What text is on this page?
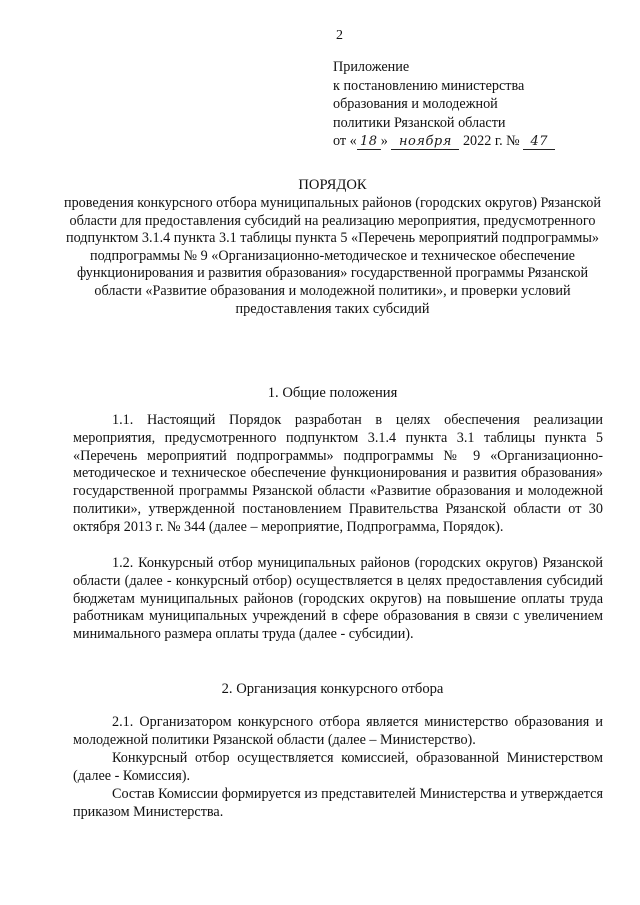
2
Приложение
к постановлению министерства
образования и молодежной
политики Рязанской области
от « 18 » ноября 2022 г. № 47
ПОРЯДОК
проведения конкурсного отбора муниципальных районов (городских округов) Рязанской области для предоставления субсидий на реализацию мероприятия, предусмотренного подпунктом 3.1.4 пункта 3.1 таблицы пункта 5 «Перечень мероприятий подпрограммы» подпрограммы № 9 «Организационно-методическое и техническое обеспечение функционирования и развития образования» государственной программы Рязанской области «Развитие образования и молодежной политики», и проверки условий предоставления таких субсидий
1. Общие положения
1.1. Настоящий Порядок разработан в целях обеспечения реализации мероприятия, предусмотренного подпунктом 3.1.4 пункта 3.1 таблицы пункта 5 «Перечень мероприятий подпрограммы» подпрограммы № 9 «Организационно-методическое и техническое обеспечение функционирования и развития образования» государственной программы Рязанской области «Развитие образования и молодежной политики», утвержденной постановлением Правительства Рязанской области от 30 октября 2013 г. № 344 (далее – мероприятие, Подпрограмма, Порядок).
1.2. Конкурсный отбор муниципальных районов (городских округов) Рязанской области (далее - конкурсный отбор) осуществляется в целях предоставления субсидий бюджетам муниципальных районов (городских округов) на повышение оплаты труда работникам муниципальных учреждений в сфере образования в связи с увеличением минимального размера оплаты труда (далее - субсидии).
2. Организация конкурсного отбора
2.1. Организатором конкурсного отбора является министерство образования и молодежной политики Рязанской области (далее – Министерство).
Конкурсный отбор осуществляется комиссией, образованной Министерством (далее - Комиссия).
Состав Комиссии формируется из представителей Министерства и утверждается приказом Министерства.
